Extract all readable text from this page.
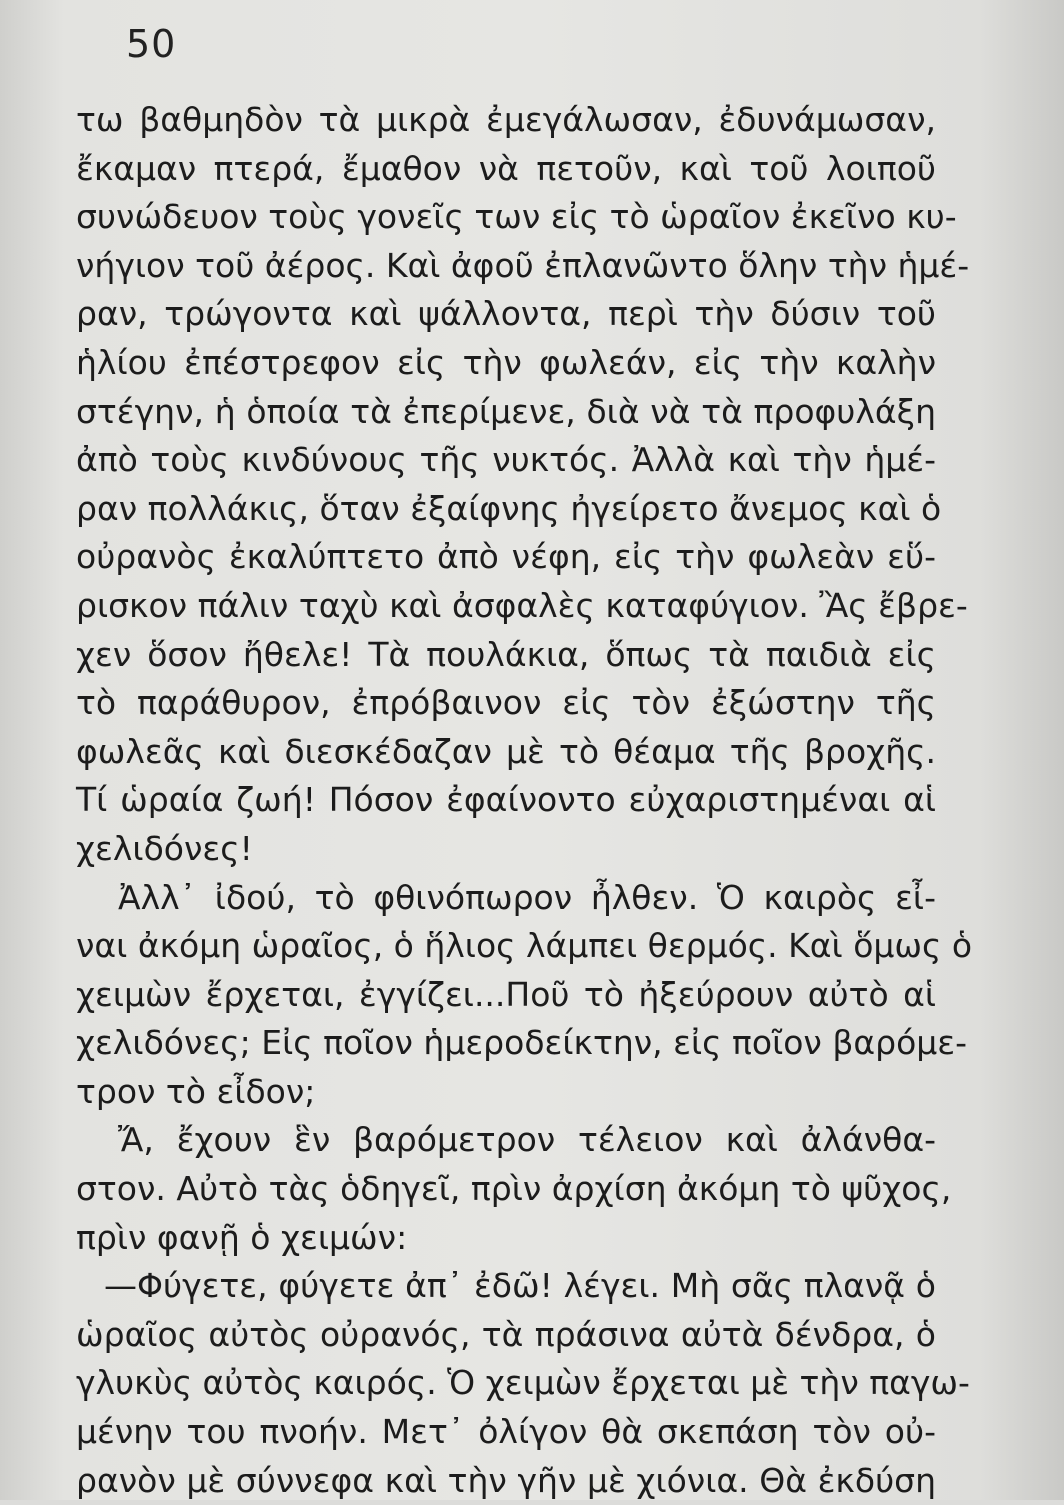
50
τω βαθμηδὸν τὰ μικρὰ ἐμεγάλωσαν, ἐδυνάμωσαν,
ἔκαμαν πτερά, ἔμαθον νὰ πετοῦν, καὶ τοῦ λοιποῦ
συνώδευον τοὺς γονεῖς των εἰς τὸ ὡραῖον ἐκεῖνο κυ-
νήγιον τοῦ ἀέρος. Καὶ ἀφοῦ ἐπλανῶντο ὅλην τὴν ἡμέ-
ραν, τρώγοντα καὶ ψάλλοντα, περὶ τὴν δύσιν τοῦ
ἡλίου ἐπέστρεφον εἰς τὴν φωλεάν, εἰς τὴν καλὴν
στέγην, ἡ ὁποία τὰ ἐπερίμενε, διὰ νὰ τὰ προφυλάξη
ἀπὸ τοὺς κινδύνους τῆς νυκτός. Ἀλλὰ καὶ τὴν ἡμέ-
ραν πολλάκις, ὅταν ἐξαίφνης ἠγείρετο ἄνεμος καὶ ὁ
οὐρανὸς ἐκαλύπτετο ἀπὸ νέφη, εἰς τὴν φωλεὰν εὕ-
ρισκον πάλιν ταχὺ καὶ ἀσφαλὲς καταφύγιον. Ἂς ἔβρε-
χεν ὅσον ἤθελε! Τὰ πουλάκια, ὅπως τὰ παιδιὰ εἰς
τὸ παράθυρον, ἐπρόβαινον εἰς τὸν ἐξώστην τῆς
φωλεᾶς καὶ διεσκέδαζαν μὲ τὸ θέαμα τῆς βροχῆς.
Τί ὡραία ζωή! Πόσον ἐφαίνοντο εὐχαριστημέναι αἱ
χελιδόνες!
Ἀλλ᾽ ἰδού, τὸ φθινόπωρον ἦλθεν. Ὁ καιρὸς εἶ-
ναι ἀκόμη ὡραῖος, ὁ ἥλιος λάμπει θερμός. Καὶ ὅμως ὁ
χειμὼν ἔρχεται, ἐγγίζει...Ποῦ τὸ ἠξεύρουν αὐτὸ αἱ
χελιδόνες; Εἰς ποῖον ἡμεροδείκτην, εἰς ποῖον βαρόμε-
τρον τὸ εἶδον;
Ἄ, ἔχουν ἓν βαρόμετρον τέλειον καὶ ἀλάνθα-
στον. Αὐτὸ τὰς ὁδηγεῖ, πρὶν ἀρχίση ἀκόμη τὸ ψῦχος,
πρὶν φανῇ ὁ χειμών:
—Φύγετε, φύγετε ἀπ᾽ ἐδῶ! λέγει. Μὴ σᾶς πλανᾷ ὁ
ὡραῖος αὐτὸς οὐρανός, τὰ πράσινα αὐτὰ δένδρα, ὁ
γλυκὺς αὐτὸς καιρός. Ὁ χειμὼν ἔρχεται μὲ τὴν παγω-
μένην του πνοήν. Μετ᾽ ὀλίγον θὰ σκεπάση τὸν οὐ-
ρανὸν μὲ σύννεφα καὶ τὴν γῆν μὲ χιόνια. Θὰ ἐκδύση
